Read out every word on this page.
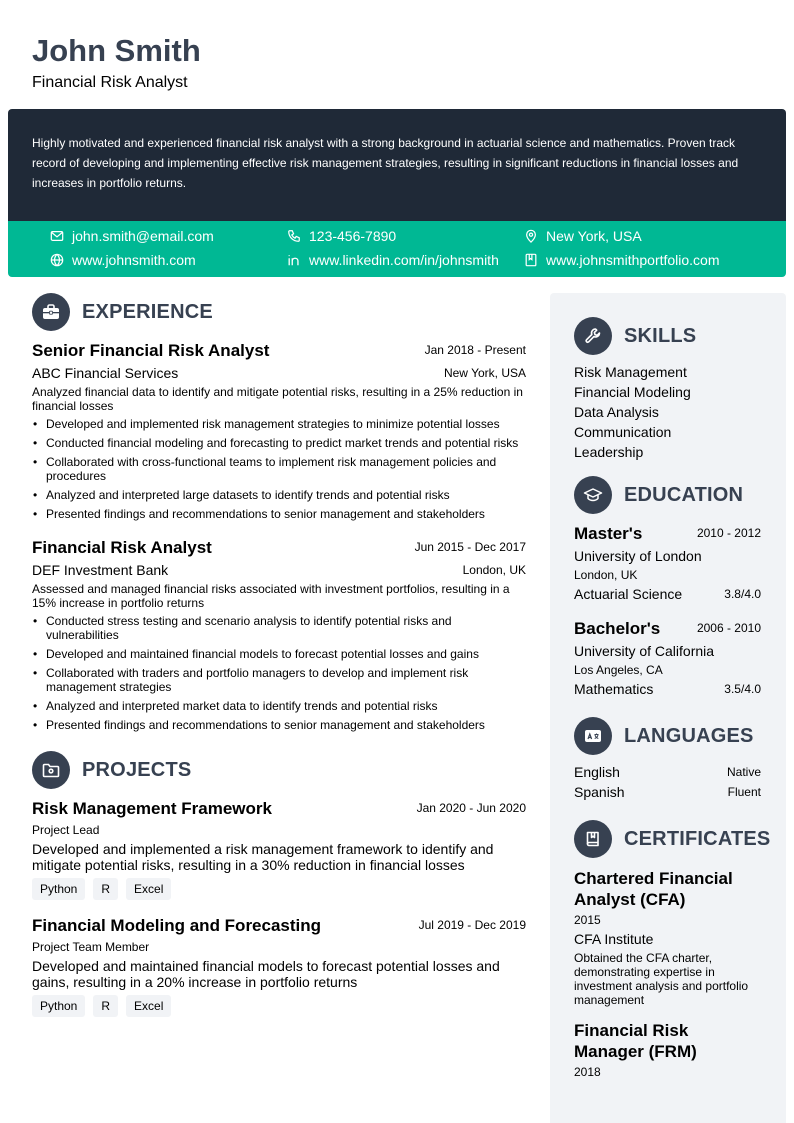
John Smith
Financial Risk Analyst
Highly motivated and experienced financial risk analyst with a strong background in actuarial science and mathematics. Proven track record of developing and implementing effective risk management strategies, resulting in significant reductions in financial losses and increases in portfolio returns.
john.smith@email.com	123-456-7890	New York, USA
www.johnsmith.com	www.linkedin.com/in/johnsmith	www.johnsmithportfolio.com
EXPERIENCE
Senior Financial Risk Analyst	Jan 2018 - Present
ABC Financial Services	New York, USA
Analyzed financial data to identify and mitigate potential risks, resulting in a 25% reduction in financial losses
• Developed and implemented risk management strategies to minimize potential losses
• Conducted financial modeling and forecasting to predict market trends and potential risks
• Collaborated with cross-functional teams to implement risk management policies and procedures
• Analyzed and interpreted large datasets to identify trends and potential risks
• Presented findings and recommendations to senior management and stakeholders
Financial Risk Analyst	Jun 2015 - Dec 2017
DEF Investment Bank	London, UK
Assessed and managed financial risks associated with investment portfolios, resulting in a 15% increase in portfolio returns
• Conducted stress testing and scenario analysis to identify potential risks and vulnerabilities
• Developed and maintained financial models to forecast potential losses and gains
• Collaborated with traders and portfolio managers to develop and implement risk management strategies
• Analyzed and interpreted market data to identify trends and potential risks
• Presented findings and recommendations to senior management and stakeholders
PROJECTS
Risk Management Framework	Jan 2020 - Jun 2020
Project Lead
Developed and implemented a risk management framework to identify and mitigate potential risks, resulting in a 30% reduction in financial losses
Python	R	Excel
Financial Modeling and Forecasting	Jul 2019 - Dec 2019
Project Team Member
Developed and maintained financial models to forecast potential losses and gains, resulting in a 20% increase in portfolio returns
Python	R	Excel
SKILLS
Risk Management
Financial Modeling
Data Analysis
Communication
Leadership
EDUCATION
Master's	2010 - 2012
University of London
London, UK
Actuarial Science	3.8/4.0
Bachelor's	2006 - 2010
University of California
Los Angeles, CA
Mathematics	3.5/4.0
LANGUAGES
English	Native
Spanish	Fluent
CERTIFICATES
Chartered Financial Analyst (CFA)
2015
CFA Institute
Obtained the CFA charter, demonstrating expertise in investment analysis and portfolio management
Financial Risk Manager (FRM)
2018
